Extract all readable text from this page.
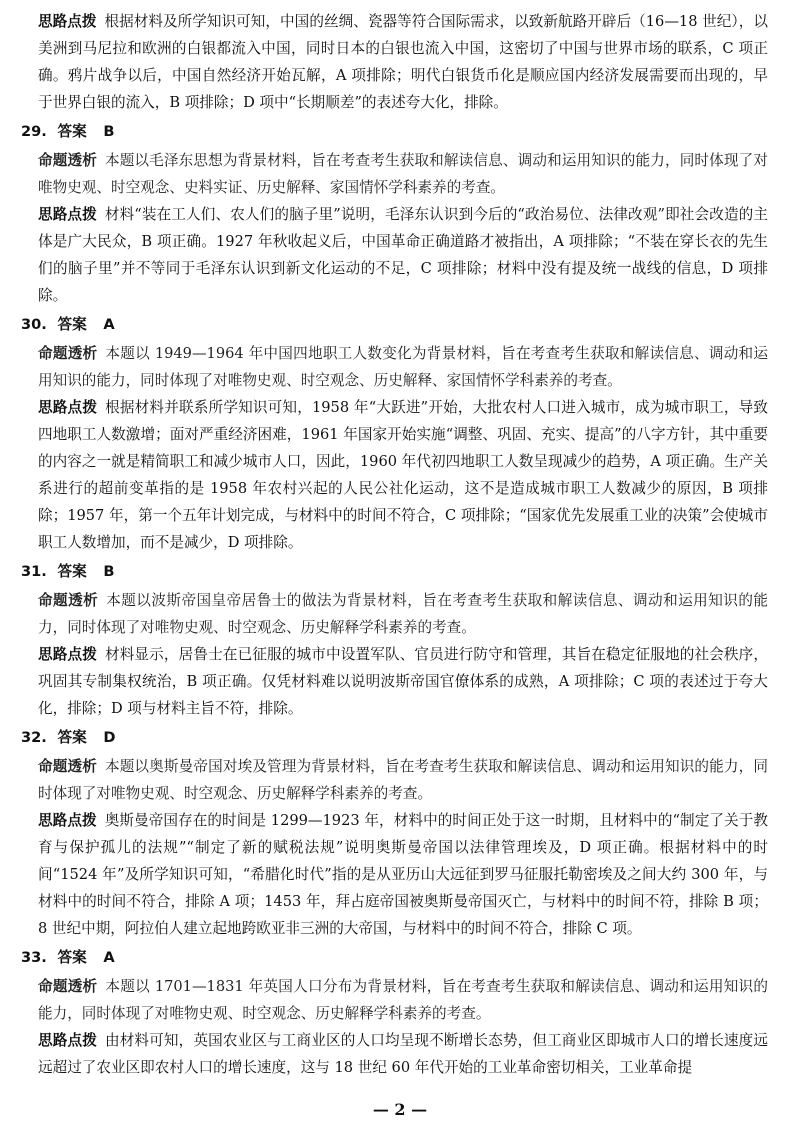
思路点拨 根据材料及所学知识可知，中国的丝绸、瓷器等符合国际需求，以致新航路开辟后（16—18 世纪），以美洲到马尼拉和欧洲的白银都流入中国，同时日本的白银也流入中国，这密切了中国与世界市场的联系，C 项正确。鸦片战争以后，中国自然经济开始瓦解，A 项排除；明代白银货币化是顺应国内经济发展需要而出现的，早于世界白银的流入，B 项排除；D 项中“长期顺差”的表述夸大化，排除。

29. 答案 B

命题透析 本题以毛泽东思想为背景材料，旨在考查考生获取和解读信息、调动和运用知识的能力，同时体现了对唯物史观、时空观念、史料实证、历史解释、家国情怀学科素养的考查。

思路点拨 材料“装在工人们、农人们的脑子里”说明，毛泽东认识到今后的“政治易位、法律改观”即社会改造的主体是广大民众，B 项正确。1927 年秋收起义后，中国革命正确道路才被指出，A 项排除；“不装在穿长衣的先生们的脑子里”并不等同于毛泽东认识到新文化运动的不足，C 项排除；材料中没有提及统一战线的信息，D 项排除。

30. 答案 A

命题透析 本题以 1949—1964 年中国四地职工人数变化为背景材料，旨在考查考生获取和解读信息、调动和运用知识的能力，同时体现了对唯物史观、时空观念、历史解释、家国情怀学科素养的考查。

思路点拨 根据材料并联系所学知识可知，1958 年“大跃进”开始，大批农村人口进入城市，成为城市职工，导致四地职工人数激增；面对严重经济困难，1961 年国家开始实施“调整、巩固、充实、提高”的八字方针，其中重要的内容之一就是精简职工和减少城市人口，因此，1960 年代初四地职工人数呈现减少的趋势，A 项正确。生产关系进行的超前变革指的是 1958 年农村兴起的人民公社化运动，这不是造成城市职工人数减少的原因，B 项排除；1957 年，第一个五年计划完成，与材料中的时间不符合，C 项排除；“国家优先发展重工业的决策”会使城市职工人数增加，而不是减少，D 项排除。

31. 答案 B

命题透析 本题以波斯帝国皇帝居鲁士的做法为背景材料，旨在考查考生获取和解读信息、调动和运用知识的能力，同时体现了对唯物史观、时空观念、历史解释学科素养的考查。

思路点拨 材料显示，居鲁士在已征服的城市中设置军队、官员进行防守和管理，其旨在稳定征服地的社会秩序，巩固其专制集权统治，B 项正确。仅凭材料难以说明波斯帝国官僚体系的成熟，A 项排除；C 项的表述过于夸大化，排除；D 项与材料主旨不符，排除。

32. 答案 D

命题透析 本题以奥斯曼帝国对埃及管理为背景材料，旨在考查考生获取和解读信息、调动和运用知识的能力，同时体现了对唯物史观、时空观念、历史解释学科素养的考查。

思路点拨 奥斯曼帝国存在的时间是 1299—1923 年，材料中的时间正处于这一时期，且材料中的“制定了关于教育与保护孤儿的法规”“制定了新的赋税法规”说明奥斯曼帝国以法律管理埃及，D 项正确。根据材料中的时间“1524 年”及所学知识可知，“希腊化时代”指的是从亚历山大远征到罗马征服托勒密埃及之间大约 300 年，与材料中的时间不符合，排除 A 项；1453 年，拜占庭帝国被奥斯曼帝国灭亡，与材料中的时间不符，排除 B 项；8 世纪中期，阿拉伯人建立起地跨欧亚非三洲的大帝国，与材料中的时间不符合，排除 C 项。

33. 答案 A

命题透析 本题以 1701—1831 年英国人口分布为背景材料，旨在考查考生获取和解读信息、调动和运用知识的能力，同时体现了对唯物史观、时空观念、历史解释学科素养的考查。

思路点拨 由材料可知，英国农业区与工商业区的人口均呈现不断增长态势，但工商业区即城市人口的增长速度远远超过了农业区即农村人口的增长速度，这与 18 世纪 60 年代开始的工业革命密切相关，工业革命提

— 2 —
